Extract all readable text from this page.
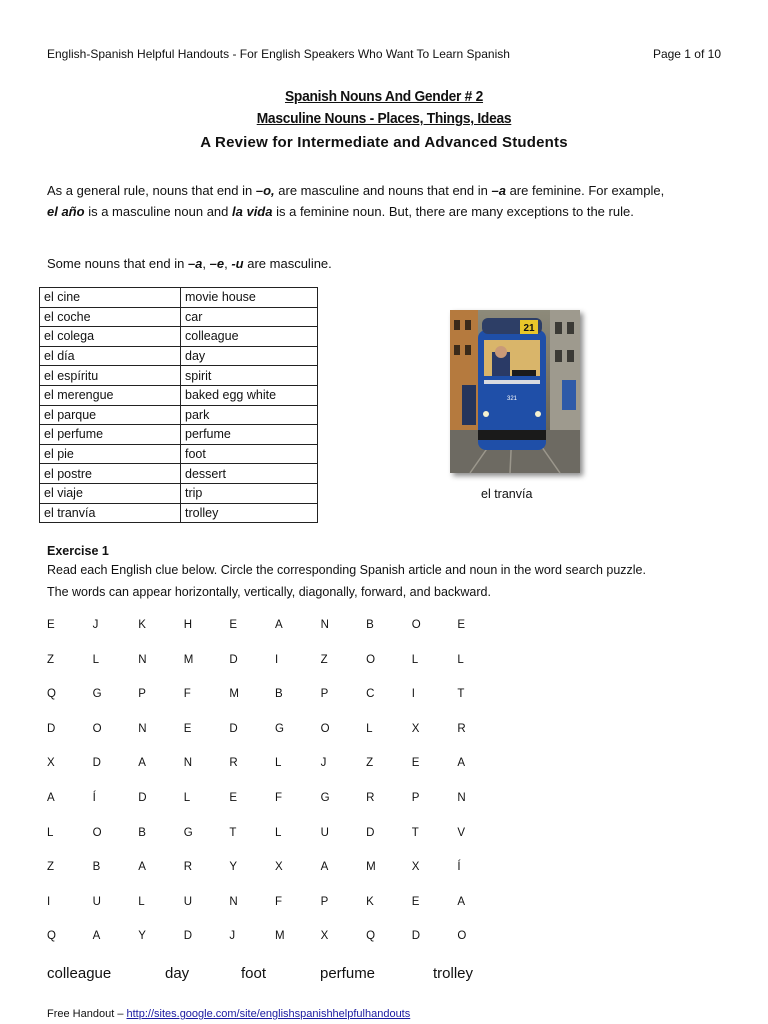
English-Spanish Helpful Handouts - For English Speakers Who Want To Learn Spanish	Page 1 of 10
Spanish Nouns And Gender # 2
Masculine Nouns - Places, Things, Ideas
A Review for Intermediate and Advanced Students
As a general rule, nouns that end in –o, are masculine and nouns that end in –a are feminine. For example,
el año is a masculine noun and la vida is a feminine noun. But, there are many exceptions to the rule.
Some nouns that end in –a, –e, -u are masculine.
el cine	movie house
el coche	car
el colega	colleague
el día	day
el espíritu	spirit
el merengue	baked egg white
el parque	park
el perfume	perfume
el pie	foot
el postre	dessert
el viaje	trip
el tranvía	trolley
21
321
el tranvía
Exercise 1
Read each English clue below. Circle the corresponding Spanish article and noun in the word search puzzle.
The words can appear horizontally, vertically, diagonally, forward, and backward.
E	J	K	H	E	A	N	B	O	E
Z	L	N	M	D	I	Z	O	L	L
Q	G	P	F	M	B	P	C	I	T
D	O	N	E	D	G	O	L	X	R
X	D	A	N	R	L	J	Z	E	A
A	Í	D	L	E	F	G	R	P	N
L	O	B	G	T	L	U	D	T	V
Z	B	A	R	Y	X	A	M	X	Í
I	U	L	U	N	F	P	K	E	A
Q	A	Y	D	J	M	X	Q	D	O
colleague	day	foot	perfume	trolley
Free Handout – http://sites.google.com/site/englishspanishhelpfulhandouts
